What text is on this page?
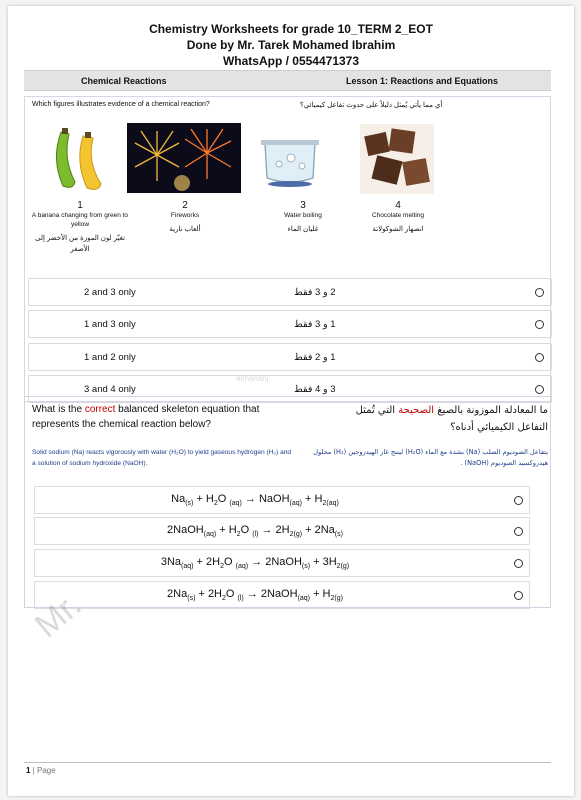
Chemistry Worksheets for grade 10_TERM 2_EOT
Done by Mr. Tarek Mohamed Ibrahim
WhatsApp / 0554471373
Chemical Reactions	Lesson 1: Reactions and Equations
Which figures illustrates evidence of a chemical reaction?	أي مما يأتي يُمثل دليلاً على حدوث تفاعل كيميائي؟
1
A banana changing from green to yellow
تغيّر لون الموزة من الأخضر إلى الأصفر
2
Fireworks
ألعاب نارية
3
Water boiling
غليان الماء
4
Chocolate melting
انصهار الشوكولاتة
2 and 3 only	2 و 3 فقط
1 and 3 only	1 و 3 فقط
1 and 2 only	1 و 2 فقط
3 and 4 only	3 و 4 فقط
What is the correct balanced skeleton equation that represents the chemical reaction below?
ما المعادلة الموزونة بالصيغ الصحيحة التي تُمثل التفاعل الكيميائي أدناه؟
Solid sodium (Na) reacts vigorously with water (H₂O) to yield gaseous hydrogen (H₂) and a solution of sodium hydroxide (NaOH).
يتفاعل الصوديوم الصلب (Na) بشدة مع الماء (H₂O) لينتج غاز الهيدروجين (H₂) محلول هيدروكسيد الصوديوم (NaOH) .
$Na_{(s)} + H_2O$ $_{(aq)}$ → NaOH$_{(aq)}$ + $H_{2(aq)}$
2NaOH$_{(aq)}$ + $H_2O$ $_{(l)} \to 2H_{2(g)} + 2Na_{(s)}$
$3Na_{(aq)} + 2H_2O$ $_{(aq)}$ → 2NaOH$_{(s)}$ + $3H_{2(g)}$
$2Na_{(s)} + 2H_2O$ $_{(l)}$ → 2NaOH$_{(aq)}$ + $H_{2(g)}$
almanahj
Mr.
1 | Page
